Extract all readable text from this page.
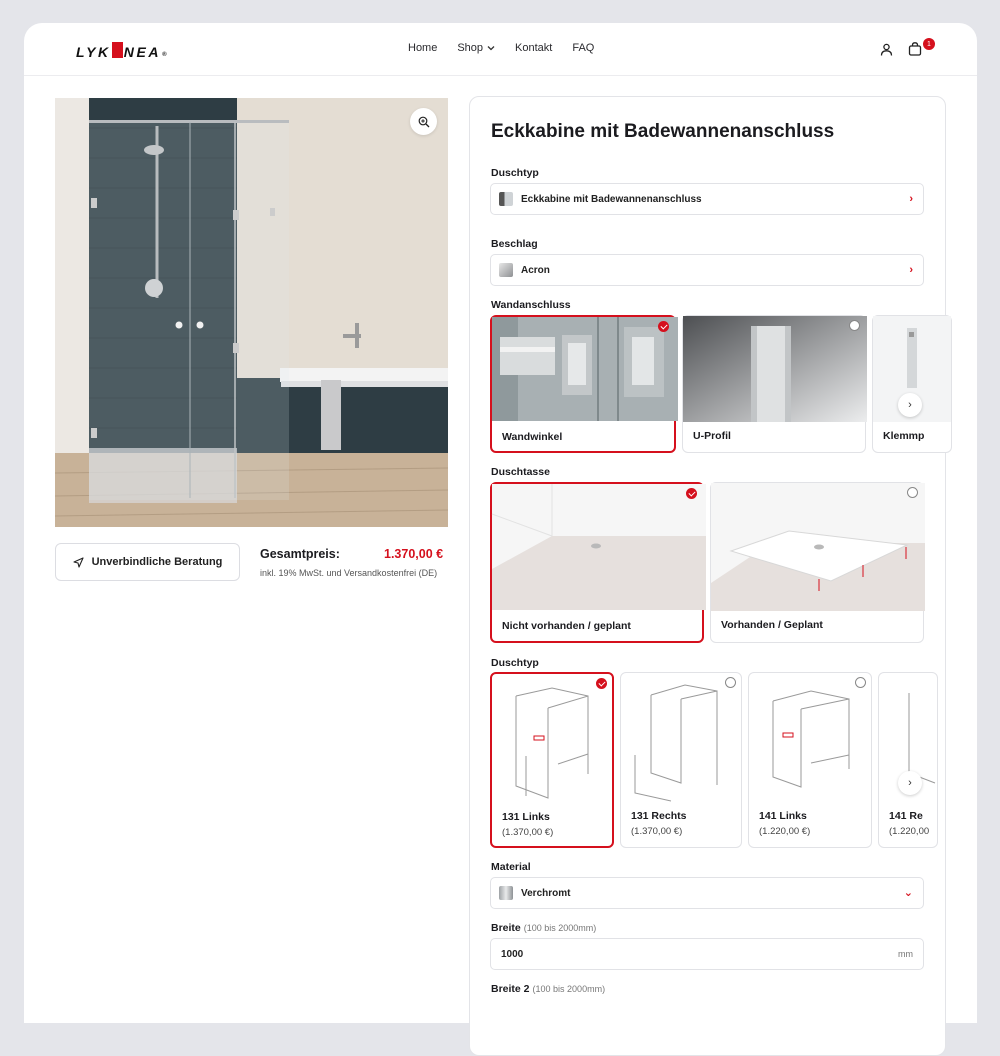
LYK NEA ®
Home Shop	Kontakt FAQ	1
Unverbindliche Beratung
Gesamtpreis:	1.370,00 €
inkl. 19% MwSt. und Versandkostenfrei (DE)
Eckkabine mit Badewannenanschluss
Duschtyp
Eckkabine mit Badewannenanschluss	›
Beschlag
Acron	›
Wandanschluss
Wandwinkel	U-Profil	Klemmp
›
Duschtasse
Nicht vorhanden / geplant	Vorhanden / Geplant
Duschtyp
131 Links
(1.370,00 €)
131 Rechts
(1.370,00 €)
141 Links
(1.220,00 €)
141 Re
(1.220,00
›
Material
Verchromt	⌄
Breite (100 bis 2000mm)
1000	mm
Breite 2 (100 bis 2000mm)
